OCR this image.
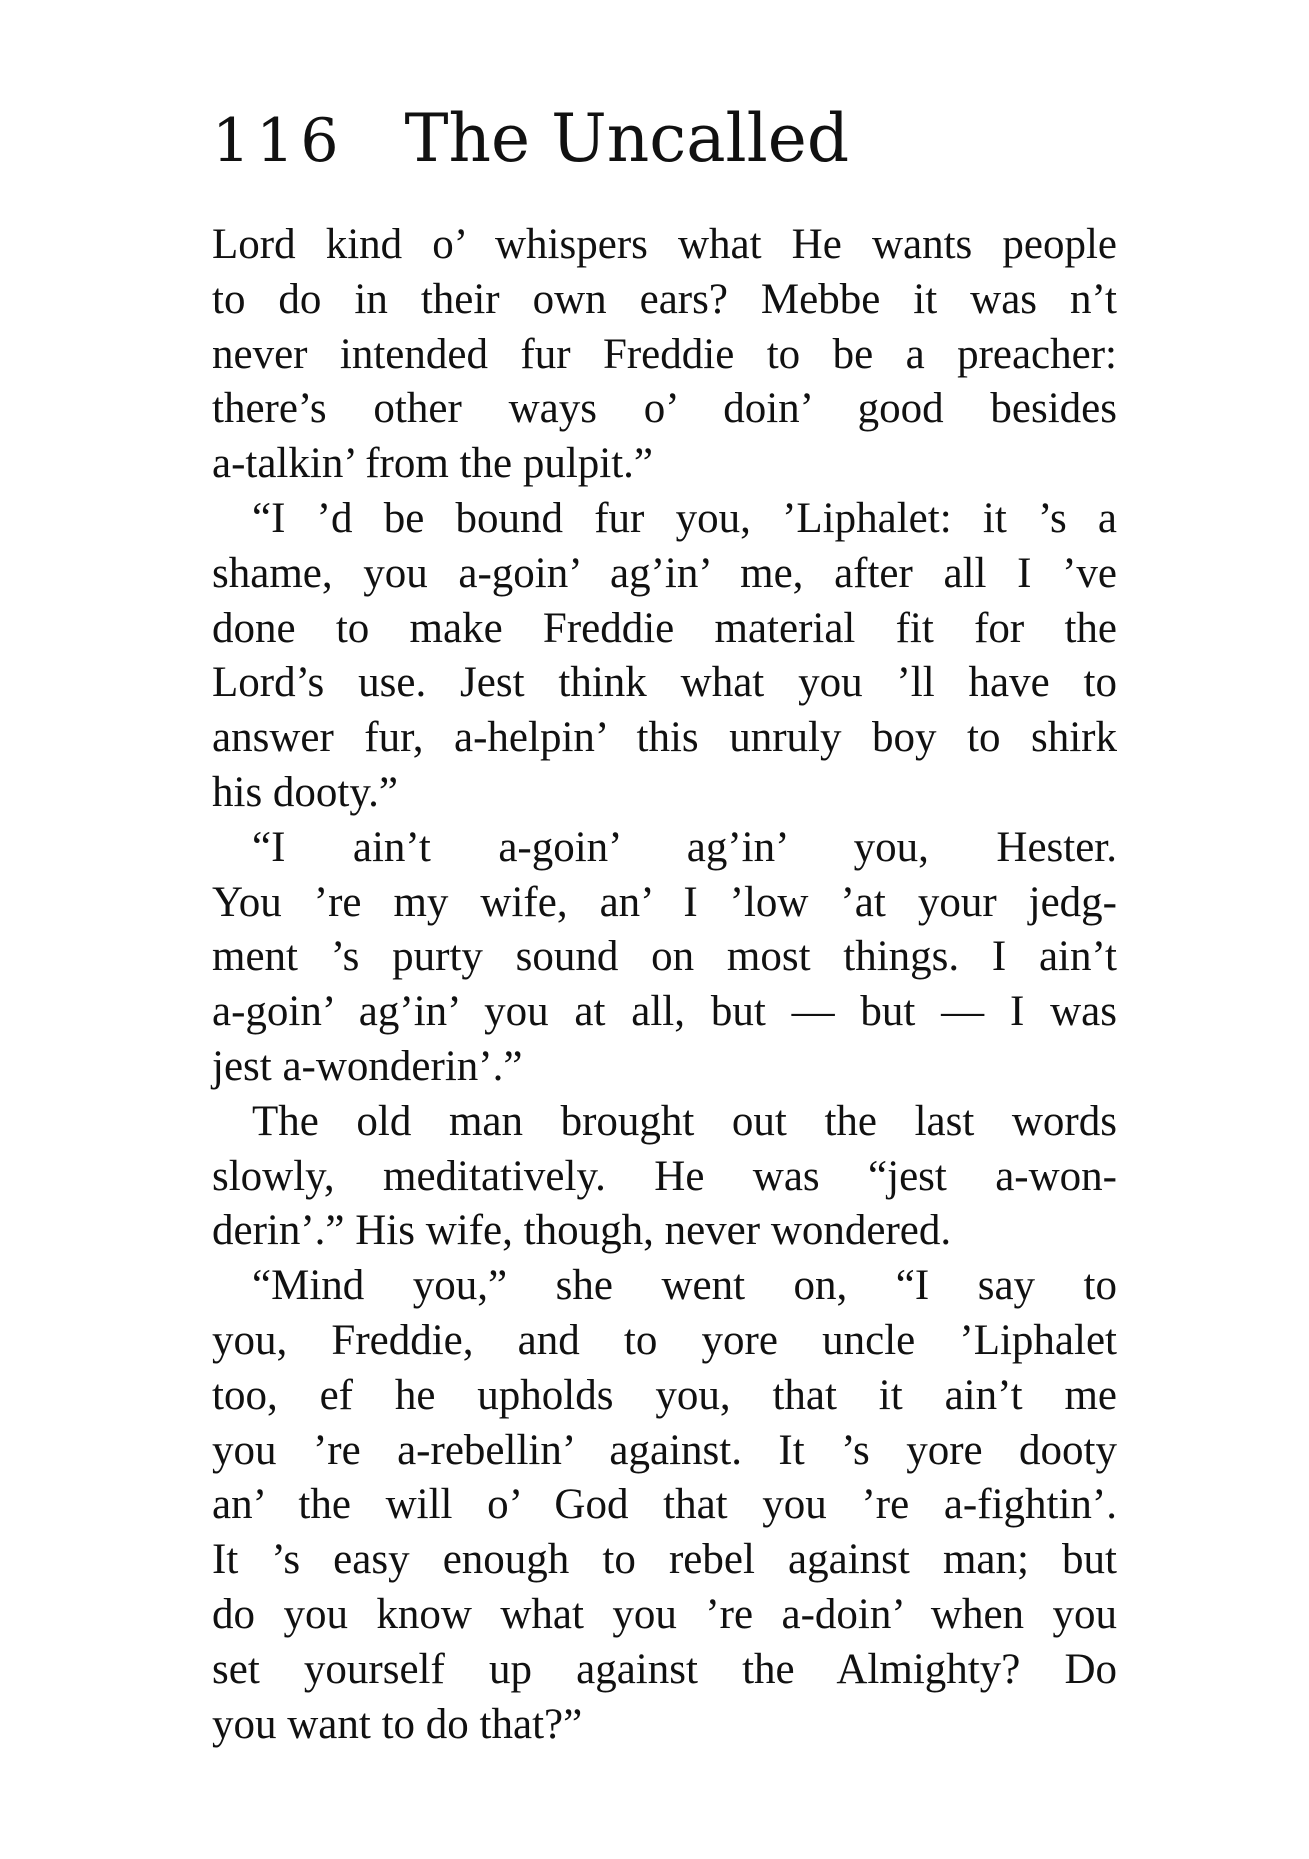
116 The Uncalled
Lord kind o’ whispers what He wants people
to do in their own ears? Mebbe it was n’t
never intended fur Freddie to be a preacher:
there’s other ways o’ doin’ good besides
a-talkin’ from the pulpit.”
“I ’d be bound fur you, ’Liphalet: it ’s a
shame, you a-goin’ ag’in’ me, after all I ’ve
done to make Freddie material fit for the
Lord’s use. Jest think what you ’ll have to
answer fur, a-helpin’ this unruly boy to shirk
his dooty.”
“I ain’t a-goin’ ag’in’ you, Hester.
You ’re my wife, an’ I ’low ’at your jedg-
ment ’s purty sound on most things. I ain’t
a-goin’ ag’in’ you at all, but — but — I was
jest a-wonderin’.”
The old man brought out the last words
slowly, meditatively. He was “jest a-won-
derin’.” His wife, though, never wondered.
“Mind you,” she went on, “I say to
you, Freddie, and to yore uncle ’Liphalet
too, ef he upholds you, that it ain’t me
you ’re a-rebellin’ against. It ’s yore dooty
an’ the will o’ God that you ’re a-fightin’.
It ’s easy enough to rebel against man; but
do you know what you ’re a-doin’ when you
set yourself up against the Almighty? Do
you want to do that?”
